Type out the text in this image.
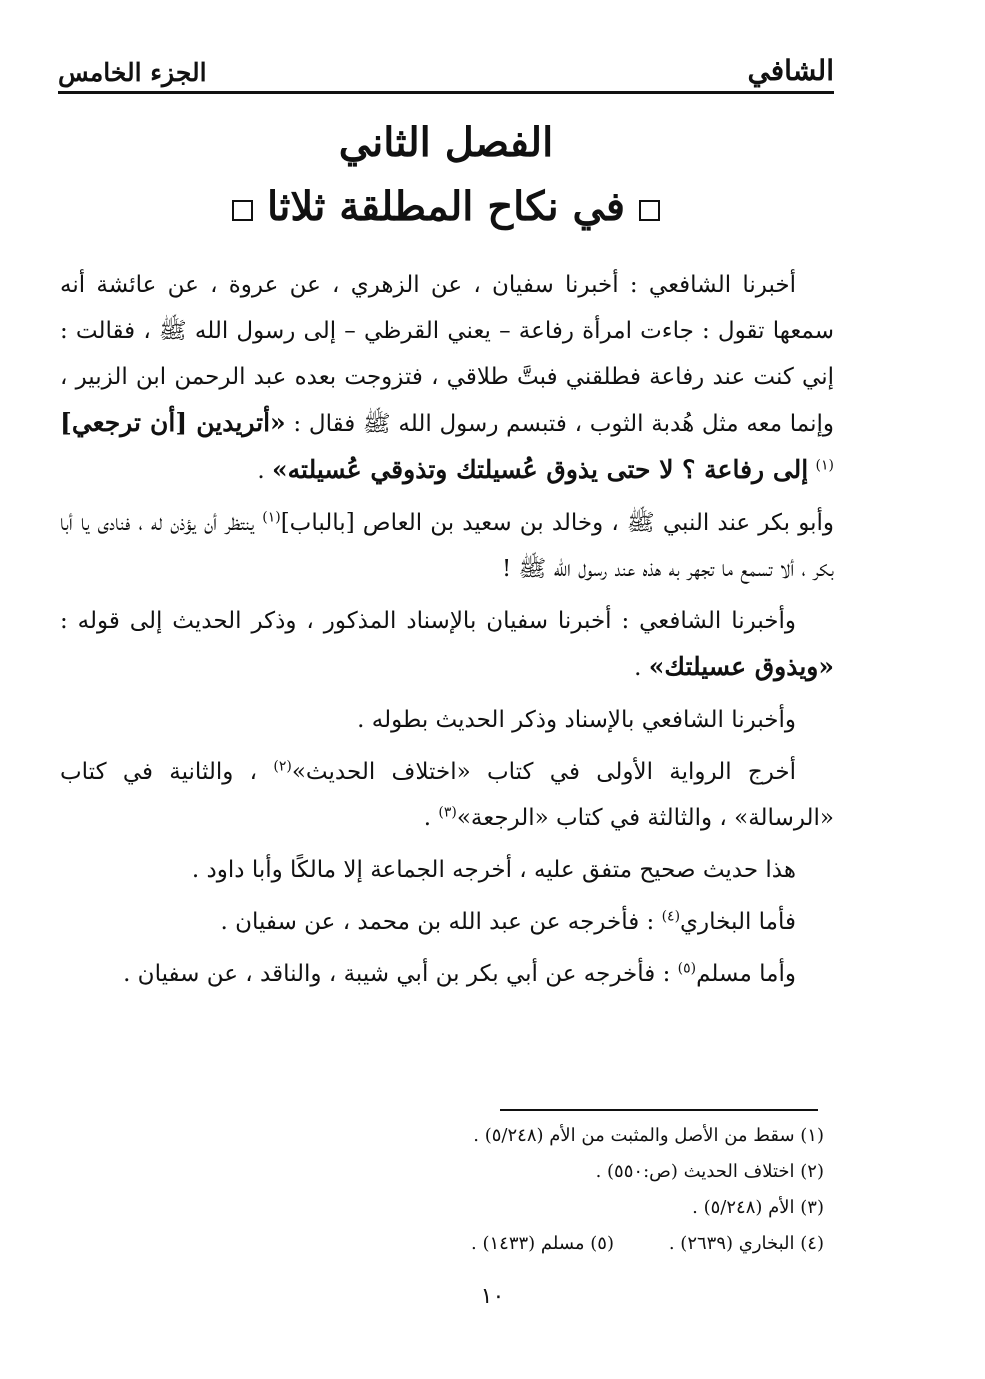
الشافي
الجزء الخامس
الفصل الثاني
في نكاح المطلقة ثلاثا

أخبرنا الشافعي : أخبرنا سفيان ، عن الزهري ، عن عروة ، عن عائشة أنه سمعها تقول : جاءت امرأة رفاعة – يعني القرظي – إلى رسول الله ﷺ ، فقالت : إني كنت عند رفاعة فطلقني فبتَّ طلاقي ، فتزوجت بعده عبد الرحمن ابن الزبير ، وإنما معه مثل هُدبة الثوب ، فتبسم رسول الله ﷺ فقال : «أتريدين [أن ترجعي]$^{(١)}$ إلى رفاعة ؟ لا حتى يذوق عُسيلتك وتذوقي عُسيلته» .

وأبو بكر عند النبي ﷺ ، وخالد بن سعيد بن العاص [بالباب]$^{(١)}$ ينتظر أن يؤذن له ، فنادى يا أبا بكر ، ألا تسمع ما تجهر به هذه عند رسول الله ﷺ !

وأخبرنا الشافعي : أخبرنا سفيان بالإسناد المذكور ، وذكر الحديث إلى قوله : «ويذوق عسيلتك» .

وأخبرنا الشافعي بالإسناد وذكر الحديث بطوله .

أخرج الرواية الأولى في كتاب «اختلاف الحديث»$^{(٢)}$ ، والثانية في كتاب «الرسالة» ، والثالثة في كتاب «الرجعة»$^{(٣)}$ .

هذا حديث صحيح متفق عليه ، أخرجه الجماعة إلا مالكًا وأبا داود .

فأما البخاري$^{(٤)}$ : فأخرجه عن عبد الله بن محمد ، عن سفيان .

وأما مسلم$^{(٥)}$ : فأخرجه عن أبي بكر بن أبي شيبة ، والناقد ، عن سفيان .

(١) سقط من الأصل والمثبت من الأم (٥/٢٤٨) .
(٢) اختلاف الحديث (ص:٥٥٠) .
(٣) الأم (٥/٢٤٨) .
(٤) البخاري (٢٦٣٩) .
(٥) مسلم (١٤٣٣) .
١٠
